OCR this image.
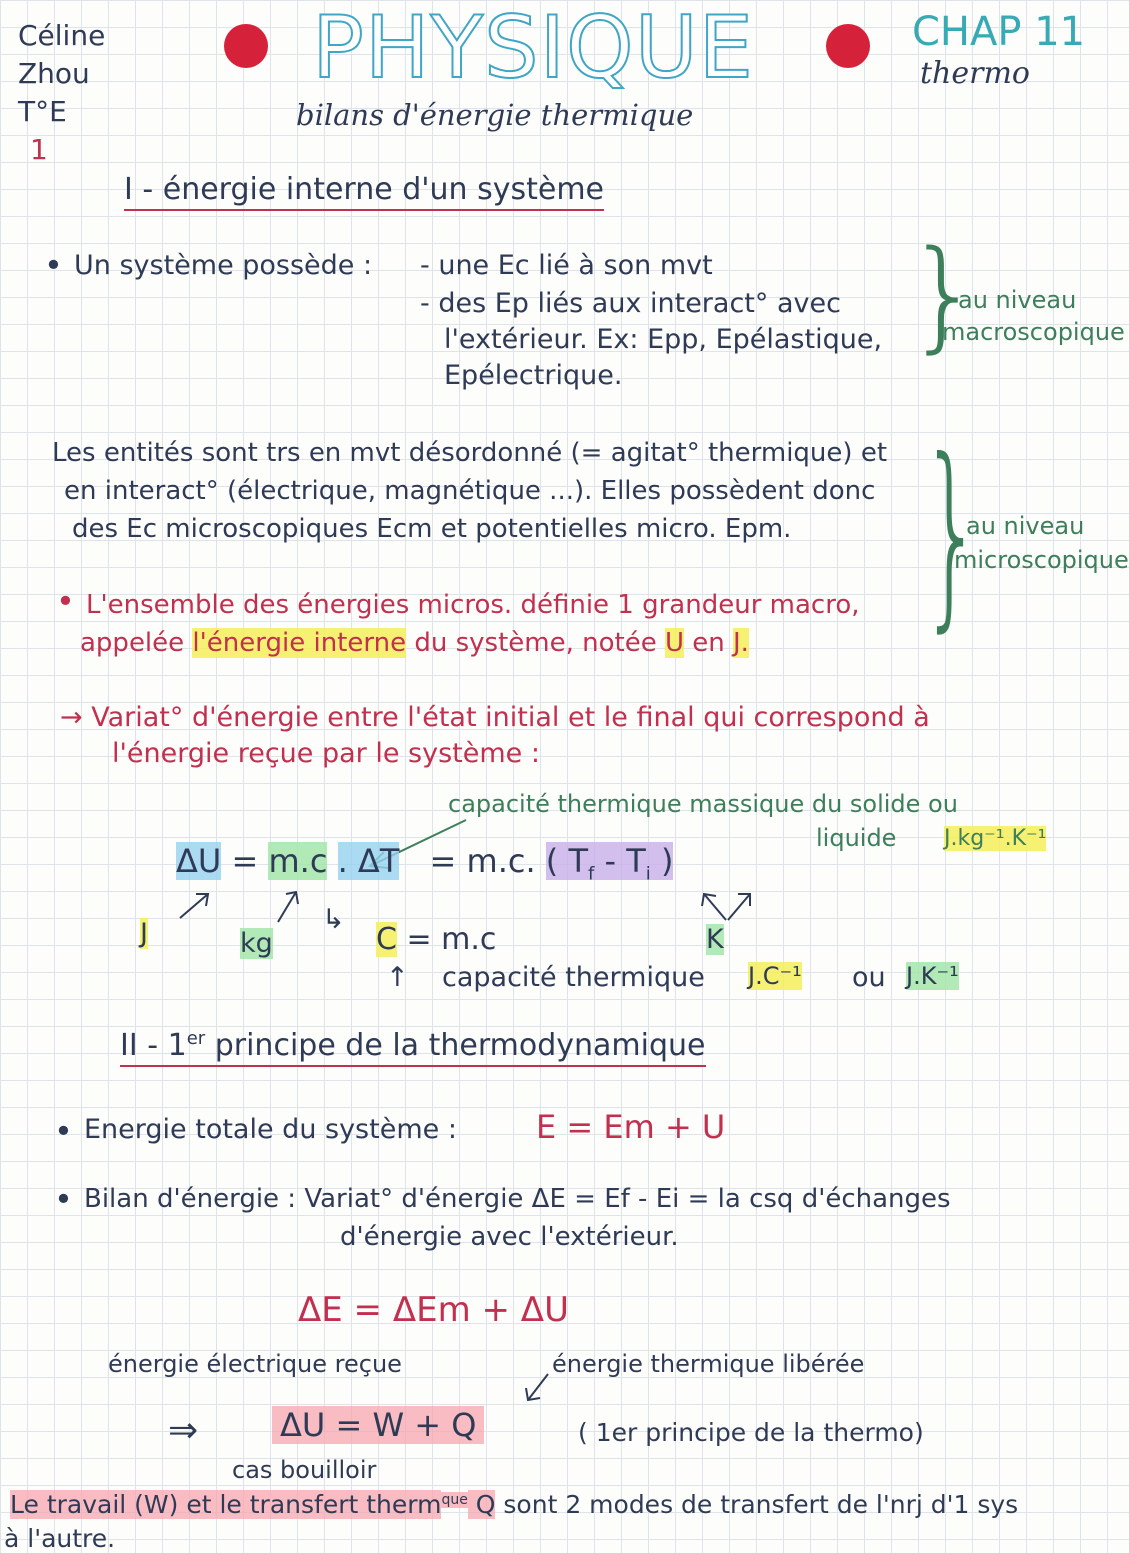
Céline
Zhou
T°E
1
PHYSIQUE
bilans d'énergie thermique
CHAP 11
thermo
I - énergie interne d'un système
• Un système possède : - une Ec lié à son mvt
- des Ep liés aux interact° avec
l'extérieur. Ex: Epp, Epélastique,
Epélectrique.
}
au niveau
macroscopique
Les entités sont trs en mvt désordonné (= agitat° thermique) et
en interact° (électrique, magnétique ...). Elles possèdent donc
des Ec microscopiques Ecm et potentielles micro. Epm. }
au niveau
microscopique
• L'ensemble des énergies micros. définie 1 grandeur macro,
appelée l'énergie interne du système, notée U en J.
→ Variat° d'énergie entre l'état initial et le final qui correspond à
l'énergie reçue par le système :
capacité thermique massique du solide ou
liquide J.kg⁻¹.K⁻¹
ΔU = m.c . ΔT = m.c. ( $T_f - T_i$ )
J	kg
↳
C = m.c	K
↑ capacité thermique J.C⁻¹ ou J.K⁻¹
II - 1er principe de la thermodynamique
• Energie totale du système : E = Em + U
• Bilan d'énergie : Variat° d'énergie ΔE = Ef - Ei = la csq d'échanges
d'énergie avec l'extérieur.
ΔE = ΔEm + ΔU
énergie électrique reçue	énergie thermique libérée
⇒	ΔU = W + Q	( 1er principe de la thermo)
cas bouilloir
Le travail (W) et le transfert therm$^{que}$ Q sont 2 modes de transfert de l'nrj d'1 sys
à l'autre.
